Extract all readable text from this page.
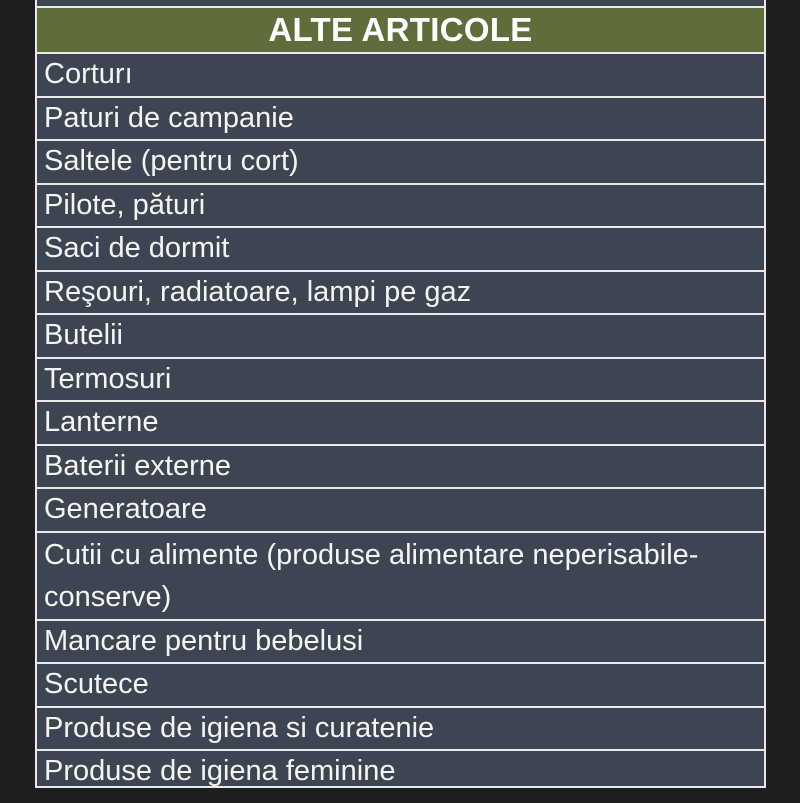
ALTE ARTICOLE
Corturı
Paturi de campanie
Saltele (pentru cort)
Pilote, pături
Saci de dormit
Reşouri, radiatoare, lampi pe gaz
Butelii
Termosuri
Lanterne
Baterii externe
Generatoare
Cutii cu alimente (produse alimentare neperisabile-conserve)
Mancare pentru bebelusi
Scutece
Produse de igiena si curatenie
Produse de igiena feminine
